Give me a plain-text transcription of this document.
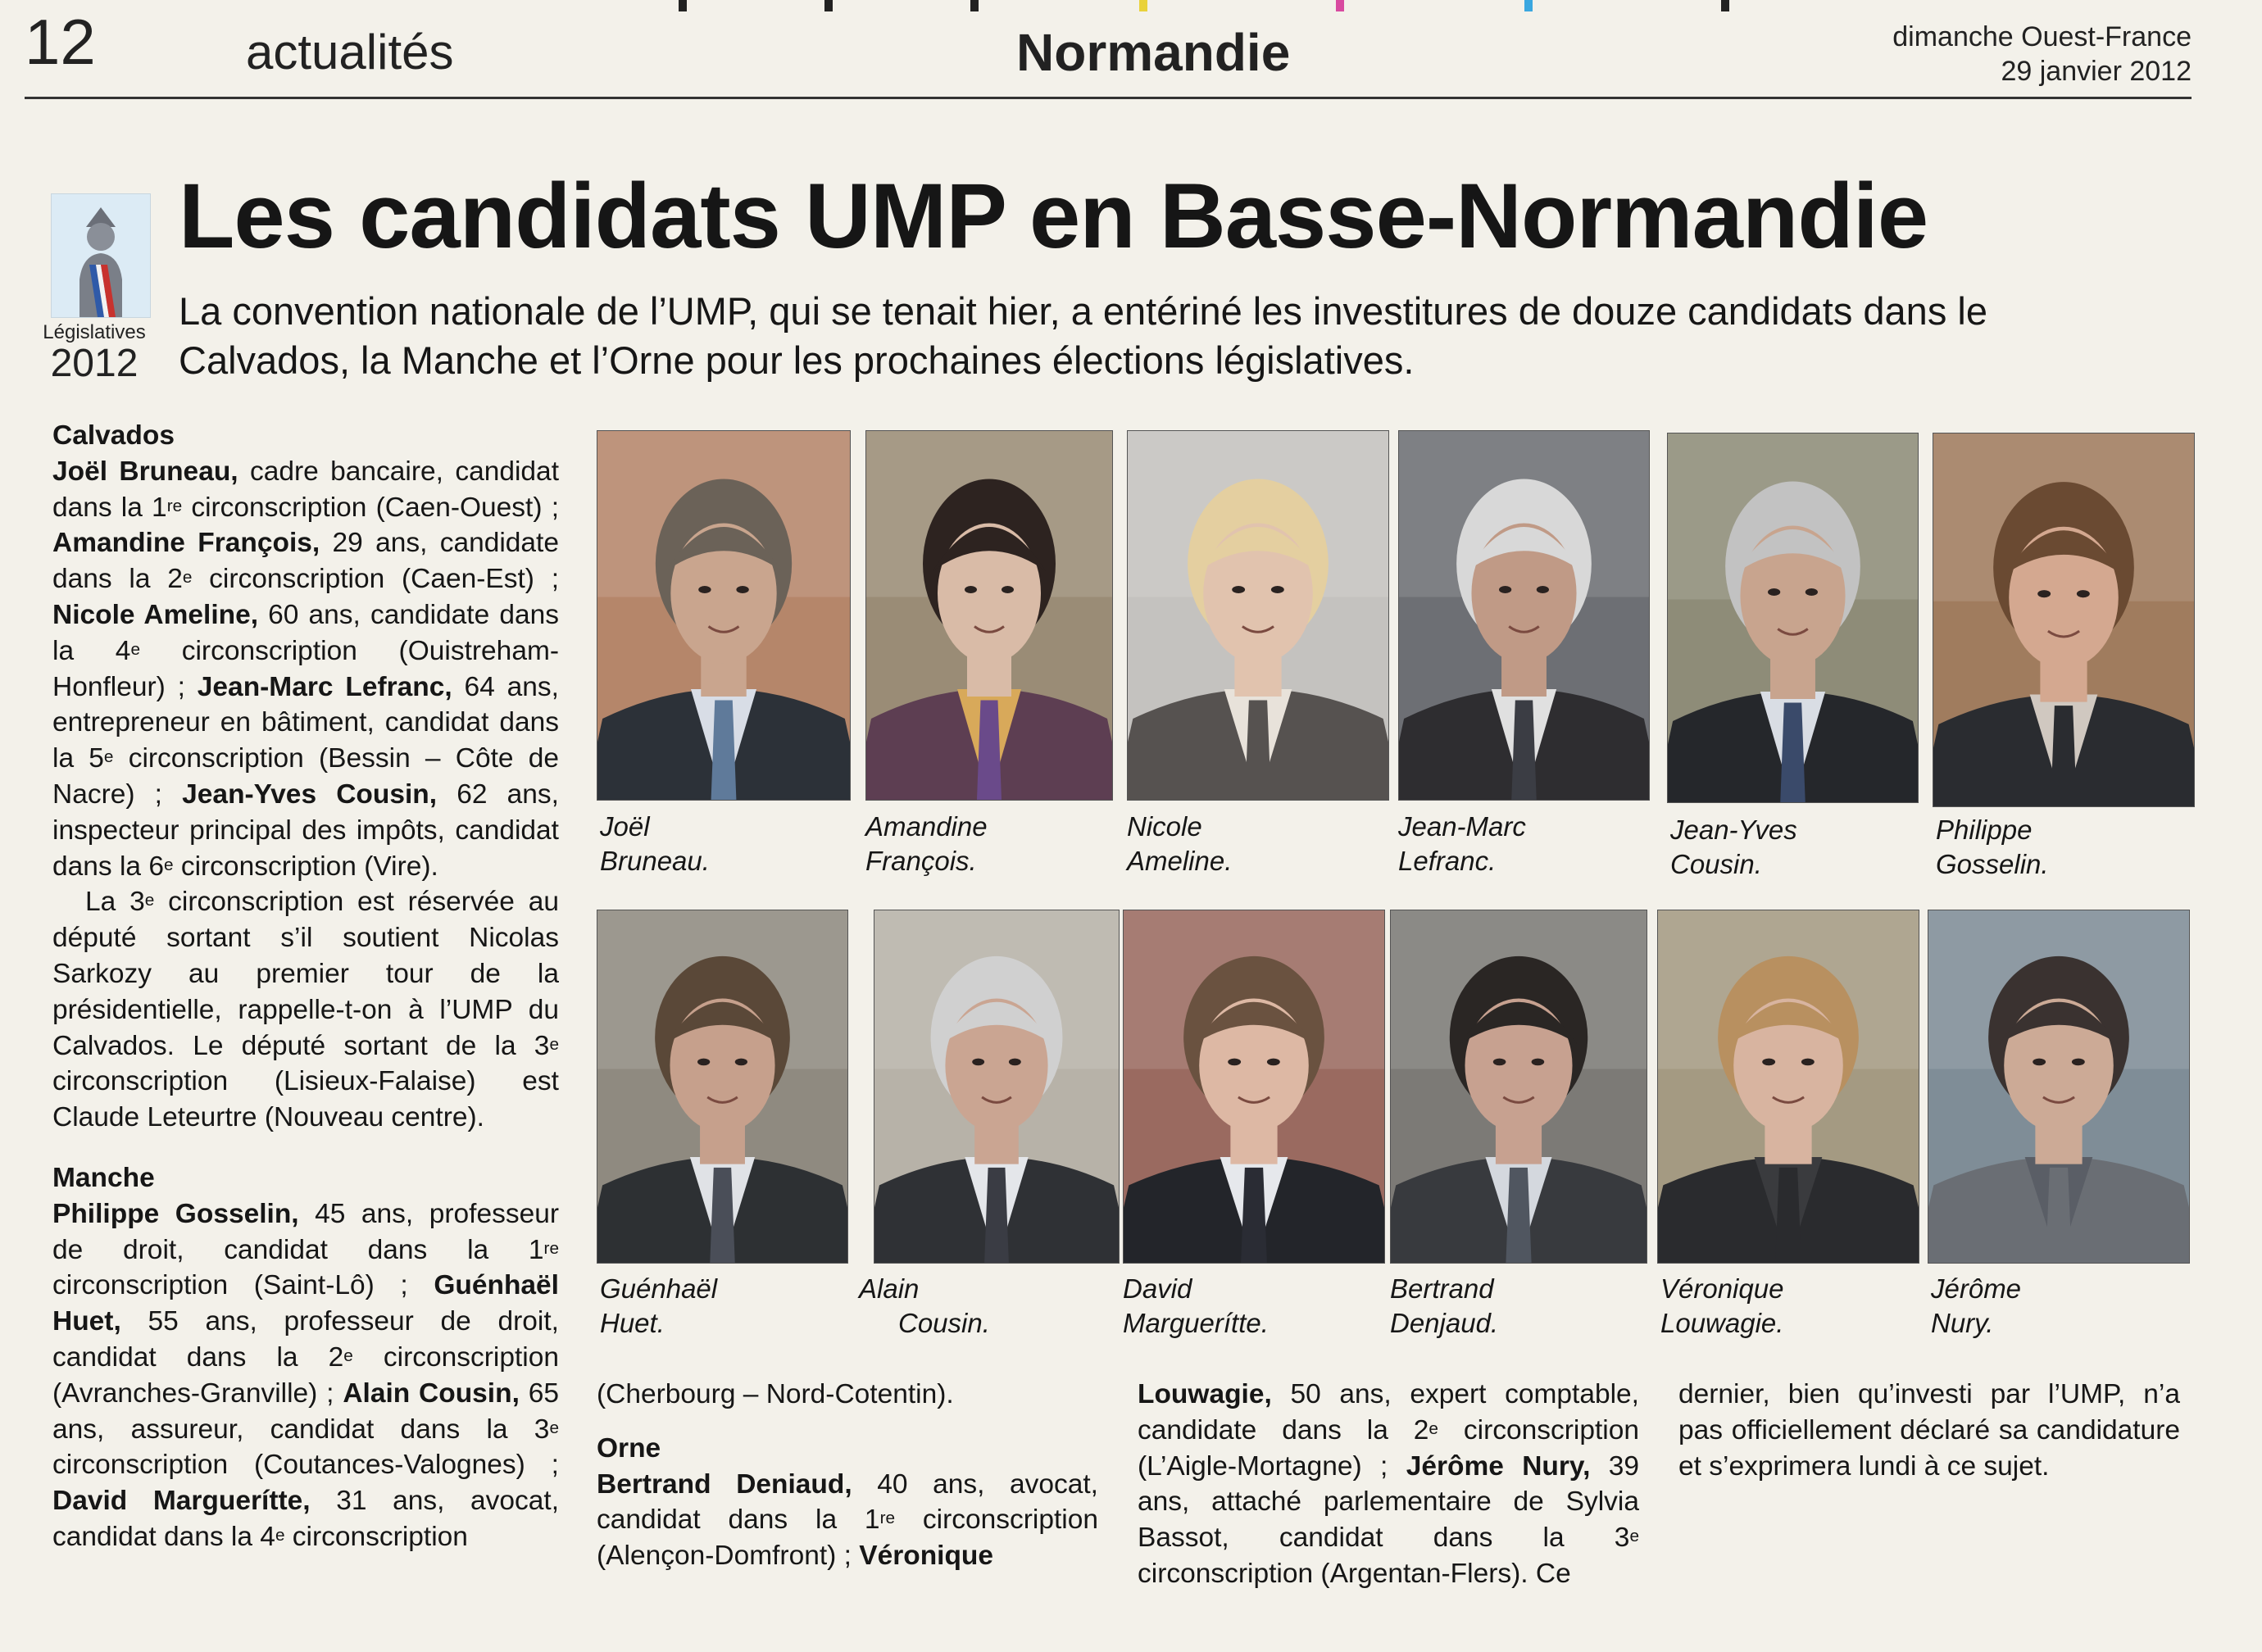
12	actualités	Normandie	dimanche Ouest-France
29 janvier 2012
Législatives
2012
Les candidats UMP en Basse-Normandie
La convention nationale de l’UMP, qui se tenait hier, a entériné les investitures de douze candidats dans le Calvados, la Manche et l’Orne pour les prochaines élections législatives.
Calvados

Joël Bruneau, cadre bancaire, candidat dans la 1re circonscription (Caen-Ouest) ; Amandine François, 29 ans, candidate dans la 2e circonscription (Caen-Est) ; Nicole Ameline, 60 ans, candidate dans la 4e circonscription (Ouistreham-Honfleur) ; Jean-Marc Lefranc, 64 ans, entrepreneur en bâtiment, candidat dans la 5e circonscription (Bessin – Côte de Nacre) ; Jean-Yves Cousin, 62 ans, inspecteur principal des impôts, candidat dans la 6e circonscription (Vire).

La 3e circonscription est réservée au député sortant s’il soutient Nicolas Sarkozy au premier tour de la présidentielle, rappelle-t-on à l’UMP du Calvados. Le député sortant de la 3e circonscription (Lisieux-Falaise) est Claude Leteurtre (Nouveau centre).

Manche

Philippe Gosselin, 45 ans, professeur de droit, candidat dans la 1re circonscription (Saint-Lô) ; Guénhaël Huet, 55 ans, professeur de droit, candidat dans la 2e circonscription (Avranches-Granville) ; Alain Cousin, 65 ans, assureur, candidat dans la 3e circonscription (Coutances-Valognes) ; David Marguerítte, 31 ans, avocat, candidat dans la 4e circonscription

(Cherbourg – Nord-Cotentin).

Orne

Bertrand Deniaud, 40 ans, avocat, candidat dans la 1re circonscription (Alençon-Domfront) ; Véronique

Louwagie, 50 ans, expert comptable, candidate dans la 2e circonscription (L’Aigle-Mortagne) ; Jérôme Nury, 39 ans, attaché parlementaire de Sylvia Bassot, candidat dans la 3e circonscription (Argentan-Flers). Ce

dernier, bien qu’investi par l’UMP, n’a pas officiellement déclaré sa candidature et s’exprimera lundi à ce sujet.

Joël
Bruneau.
Amandine
François.
Nicole
Ameline.
Jean-Marc
Lefranc.
Jean-Yves
Cousin.
Philippe
Gosselin.
Guénhaël
Huet.
Alain
Cousin.
David
Marguerítte.
Bertrand
Denjaud.
Véronique
Louwagie.
Jérôme
Nury.
